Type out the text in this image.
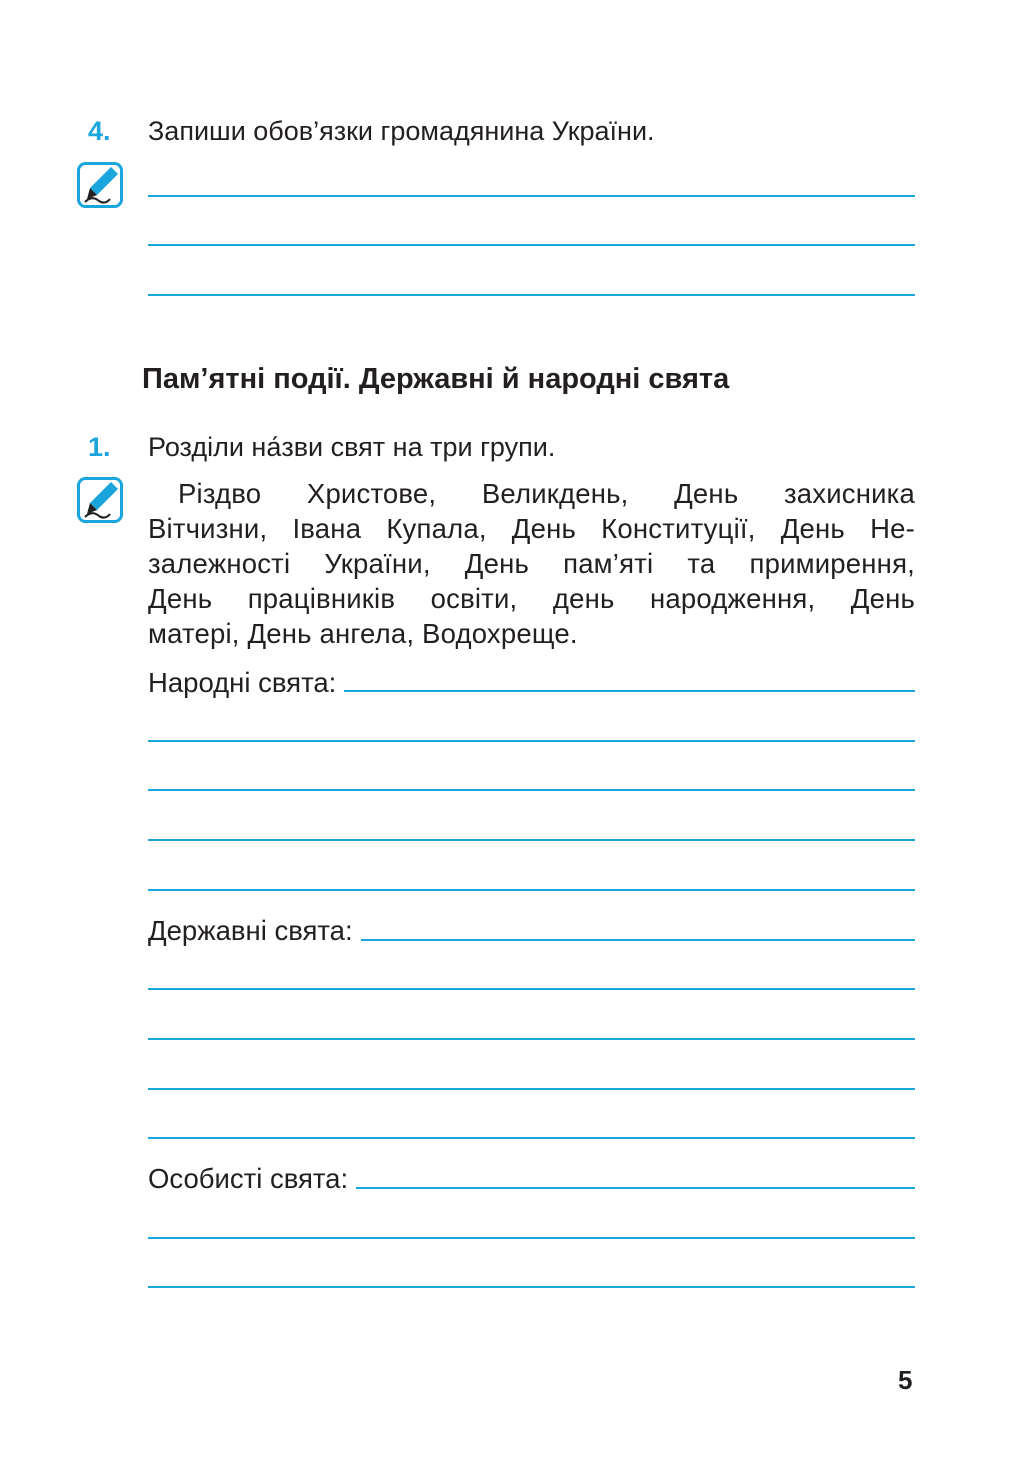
4. Запиши обов’язки громадянина України.
Пам’ятні події. Державні й народні свята
1. Розділи на́зви свят на три групи.
Різдво Христове, Великдень, День захисника
Вітчизни, Івана Купала, День Конституції, День Не-
залежності України, День пам’яті та примирення,
День працівників освіти, день народження, День
матері, День ангела, Водохреще.
Народні свята:
Державні свята:
Особисті свята:
5
